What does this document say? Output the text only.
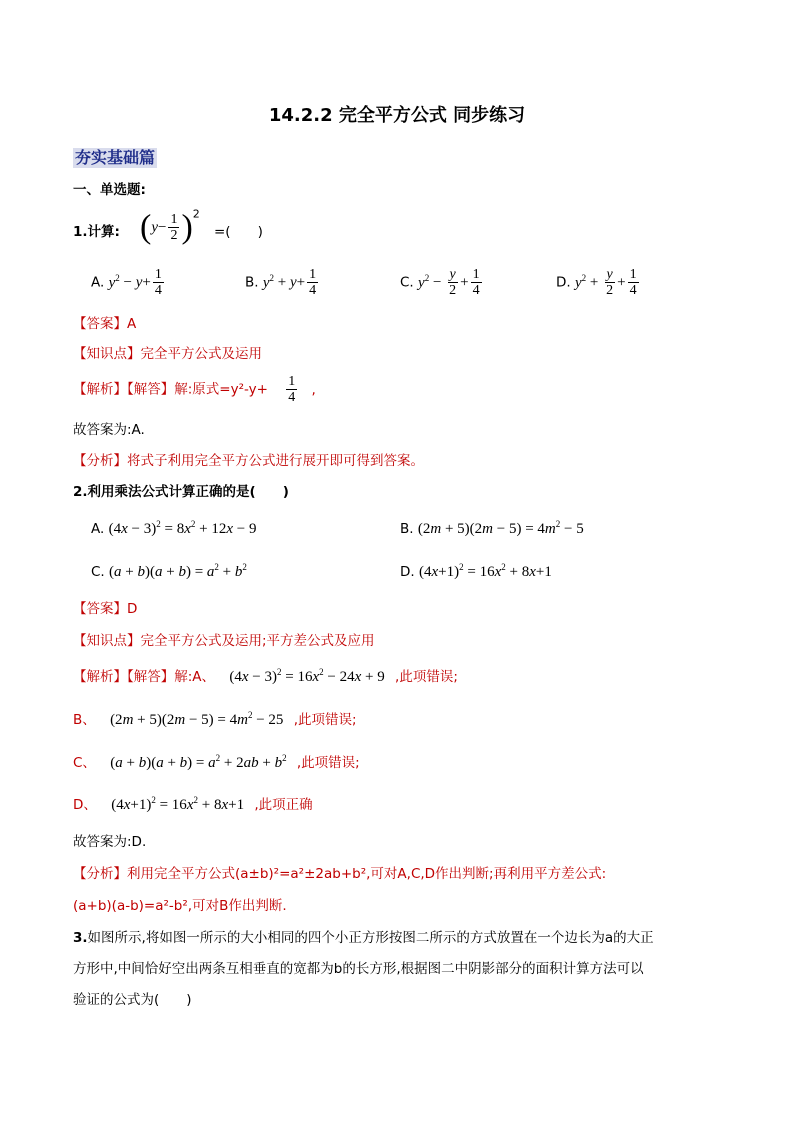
14.2.2 完全平方公式 同步练习
夯实基础篇
一、单选题:
1.计算: $(y- \frac{1}{2} )^2$
=(　　)
A. $y^2 - y+ \frac{1}{4}$	B. $y^2 + y+ \frac{1}{4}$	C. $y^2 - \frac{y}{2} + \frac{1}{4}$	D. $y^2 + \frac{y}{2} + \frac{1}{4}$
【答案】A
【知识点】完全平方公式及运用
【解析】【解答】解:原式$=y^2-y+ \frac{1}{4}$ ,
故答案为:A.
【分析】将式子利用完全平方公式进行展开即可得到答案。
2.利用乘法公式计算正确的是(　　)
A. $(4x - 3)^2 = 8x^2 + 12x - 9$	B. $(2m + 5)(2m - 5) = 4m^2 - 5$
C. $(a + b)(a + b) = a^2 + b^2$	D. $(4x+1)^2 = 16x^2 + 8x+1$
【答案】D
【知识点】完全平方公式及运用;平方差公式及应用
【解析】【解答】解:A、 $(4x - 3)^2 = 16x^2 - 24x + 9$ ,此项错误;
B、 $(2m + 5)(2m - 5) = 4m^2 - 25$ ,此项错误;
C、 $(a + b)(a + b) = a^2 + 2ab + b^2$ ,此项错误;
D、 $(4x+1)^2 = 16x^2 + 8x+1$ ,此项正确
故答案为:D.
【分析】利用完全平方公式(a±b)²=a²±2ab+b²,可对A,C,D作出判断;再利用平方差公式:
(a+b)(a-b)=a²-b²,可对B作出判断.
3.如图所示,将如图一所示的大小相同的四个小正方形按图二所示的方式放置在一个边长为a的大正
方形中,中间恰好空出两条互相垂直的宽都为b的长方形,根据图二中阴影部分的面积计算方法可以
验证的公式为(　　)
